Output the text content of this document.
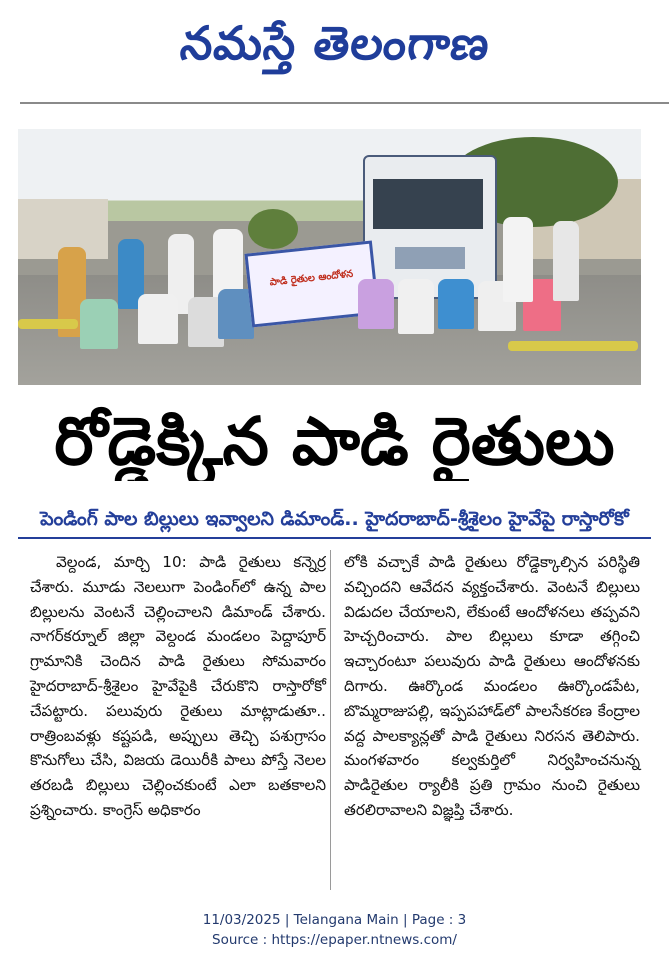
నమస్తే తెలంగాణ
పాడి రైతుల ఆందోళన
రోడ్డెక్కిన పాడి రైతులు
పెండింగ్ పాల బిల్లులు ఇవ్వాలని డిమాండ్.. హైదరాబాద్-శ్రీశైలం హైవేపై రాస్తారోకో

వెల్దండ, మార్చి 10: పాడి రైతులు కన్నెర్ర చేశారు. మూడు నెలలుగా పెండింగ్‌లో ఉన్న పాల బిల్లులను వెంటనే చెల్లించాలని డిమాండ్ చేశారు. నాగర్‌కర్నూల్ జిల్లా వెల్దండ మండలం పెద్దాపూర్ గ్రామానికి చెందిన పాడి రైతులు సోమవారం హైదరాబాద్-శ్రీశైలం హైవేపైకి చేరుకొని రాస్తారోకో చేపట్టారు. పలువురు రైతులు మాట్లాడుతూ.. రాత్రింబవళ్లు కష్టపడి, అప్పులు తెచ్చి పశుగ్రాసం కొనుగోలు చేసి, విజయ డెయిరీకి పాలు పోస్తే నెలల తరబడి బిల్లులు చెల్లించకుంటే ఎలా బతకాలని ప్రశ్నించారు. కాంగ్రెస్ అధికారం

లోకి వచ్చాకే పాడి రైతులు రోడ్డెక్కాల్సిన పరిస్థితి వచ్చిందని ఆవేదన వ్యక్తంచేశారు. వెంటనే బిల్లులు విడుదల చేయాలని, లేకుంటే ఆందోళనలు తప్పవని హెచ్చరించారు. పాల బిల్లులు కూడా తగ్గించి ఇచ్చారంటూ పలువురు పాడి రైతులు ఆందోళనకు దిగారు. ఊర్కొండ మండలం ఊర్కొండపేట, బొమ్మరాజుపల్లి, ఇప్పపహాడ్‌లో పాలసేకరణ కేంద్రాల వద్ద పాలక్యాన్లతో పాడి రైతులు నిరసన తెలిపారు. మంగళవారం కల్వకుర్తిలో నిర్వహించనున్న పాడిరైతుల ర్యాలీకి ప్రతి గ్రామం నుంచి రైతులు తరలిరావాలని విజ్ఞప్తి చేశారు.

11/03/2025 | Telangana Main | Page : 3
Source : https://epaper.ntnews.com/
